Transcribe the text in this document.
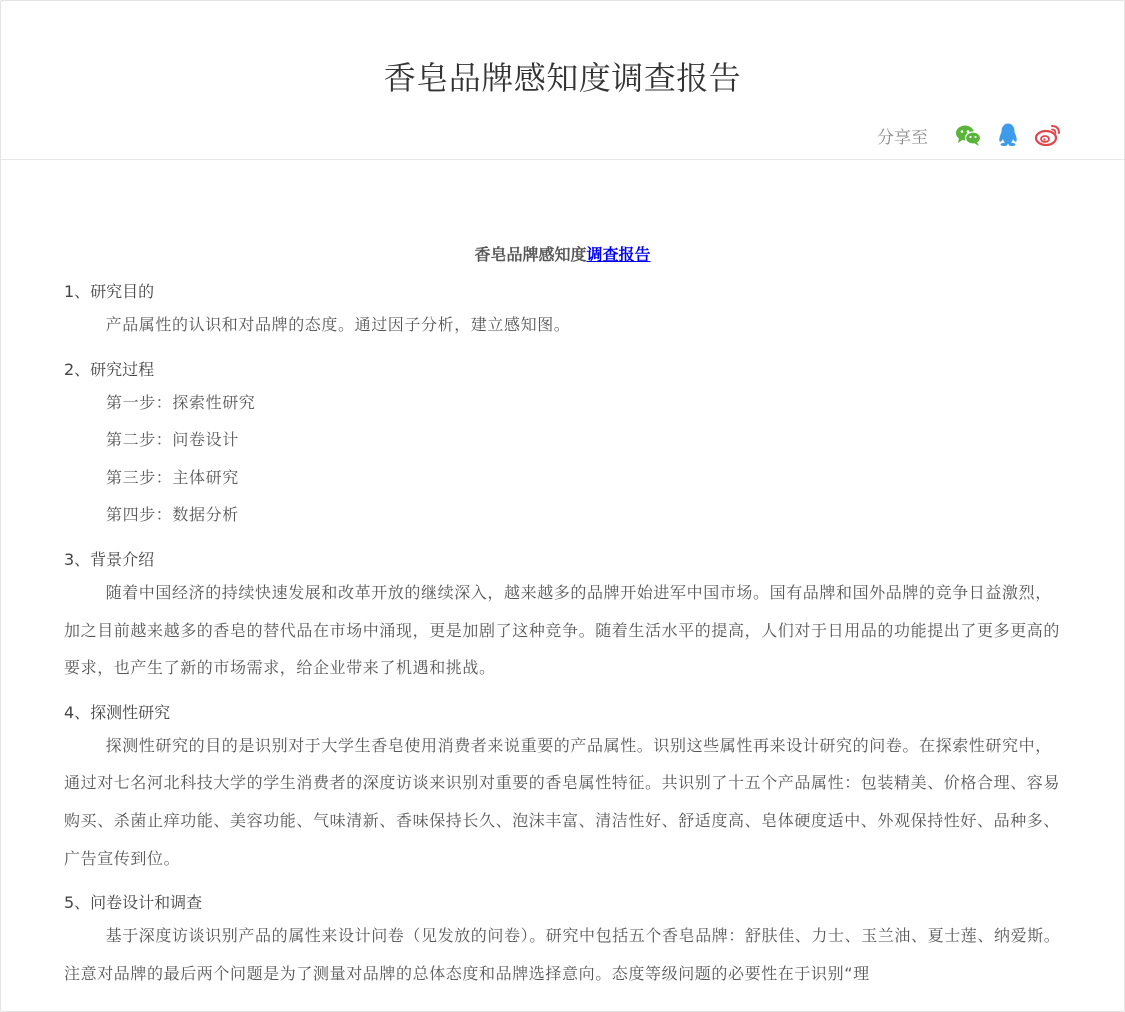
香皂品牌感知度调查报告
分享至
香皂品牌感知度调查报告
1、研究目的
产品属性的认识和对品牌的态度。通过因子分析，建立感知图。
2、研究过程
第一步：探索性研究
第二步：问卷设计
第三步：主体研究
第四步：数据分析
3、背景介绍
随着中国经济的持续快速发展和改革开放的继续深入，越来越多的品牌开始进军中国市场。国有品牌和国外品牌的竞争日益激烈，加之目前越来越多的香皂的替代品在市场中涌现，更是加剧了这种竞争。随着生活水平的提高，人们对于日用品的功能提出了更多更高的要求，也产生了新的市场需求，给企业带来了机遇和挑战。
4、探测性研究
探测性研究的目的是识别对于大学生香皂使用消费者来说重要的产品属性。识别这些属性再来设计研究的问卷。在探索性研究中，通过对七名河北科技大学的学生消费者的深度访谈来识别对重要的香皂属性特征。共识别了十五个产品属性：包装精美、价格合理、容易购买、杀菌止痒功能、美容功能、气味清新、香味保持长久、泡沫丰富、清洁性好、舒适度高、皂体硬度适中、外观保持性好、品种多、广告宣传到位。
5、问卷设计和调查
基于深度访谈识别产品的属性来设计问卷（见发放的问卷）。研究中包括五个香皂品牌：舒肤佳、力士、玉兰油、夏士莲、纳爱斯。注意对品牌的最后两个问题是为了测量对品牌的总体态度和品牌选择意向。态度等级问题的必要性在于识别“理
